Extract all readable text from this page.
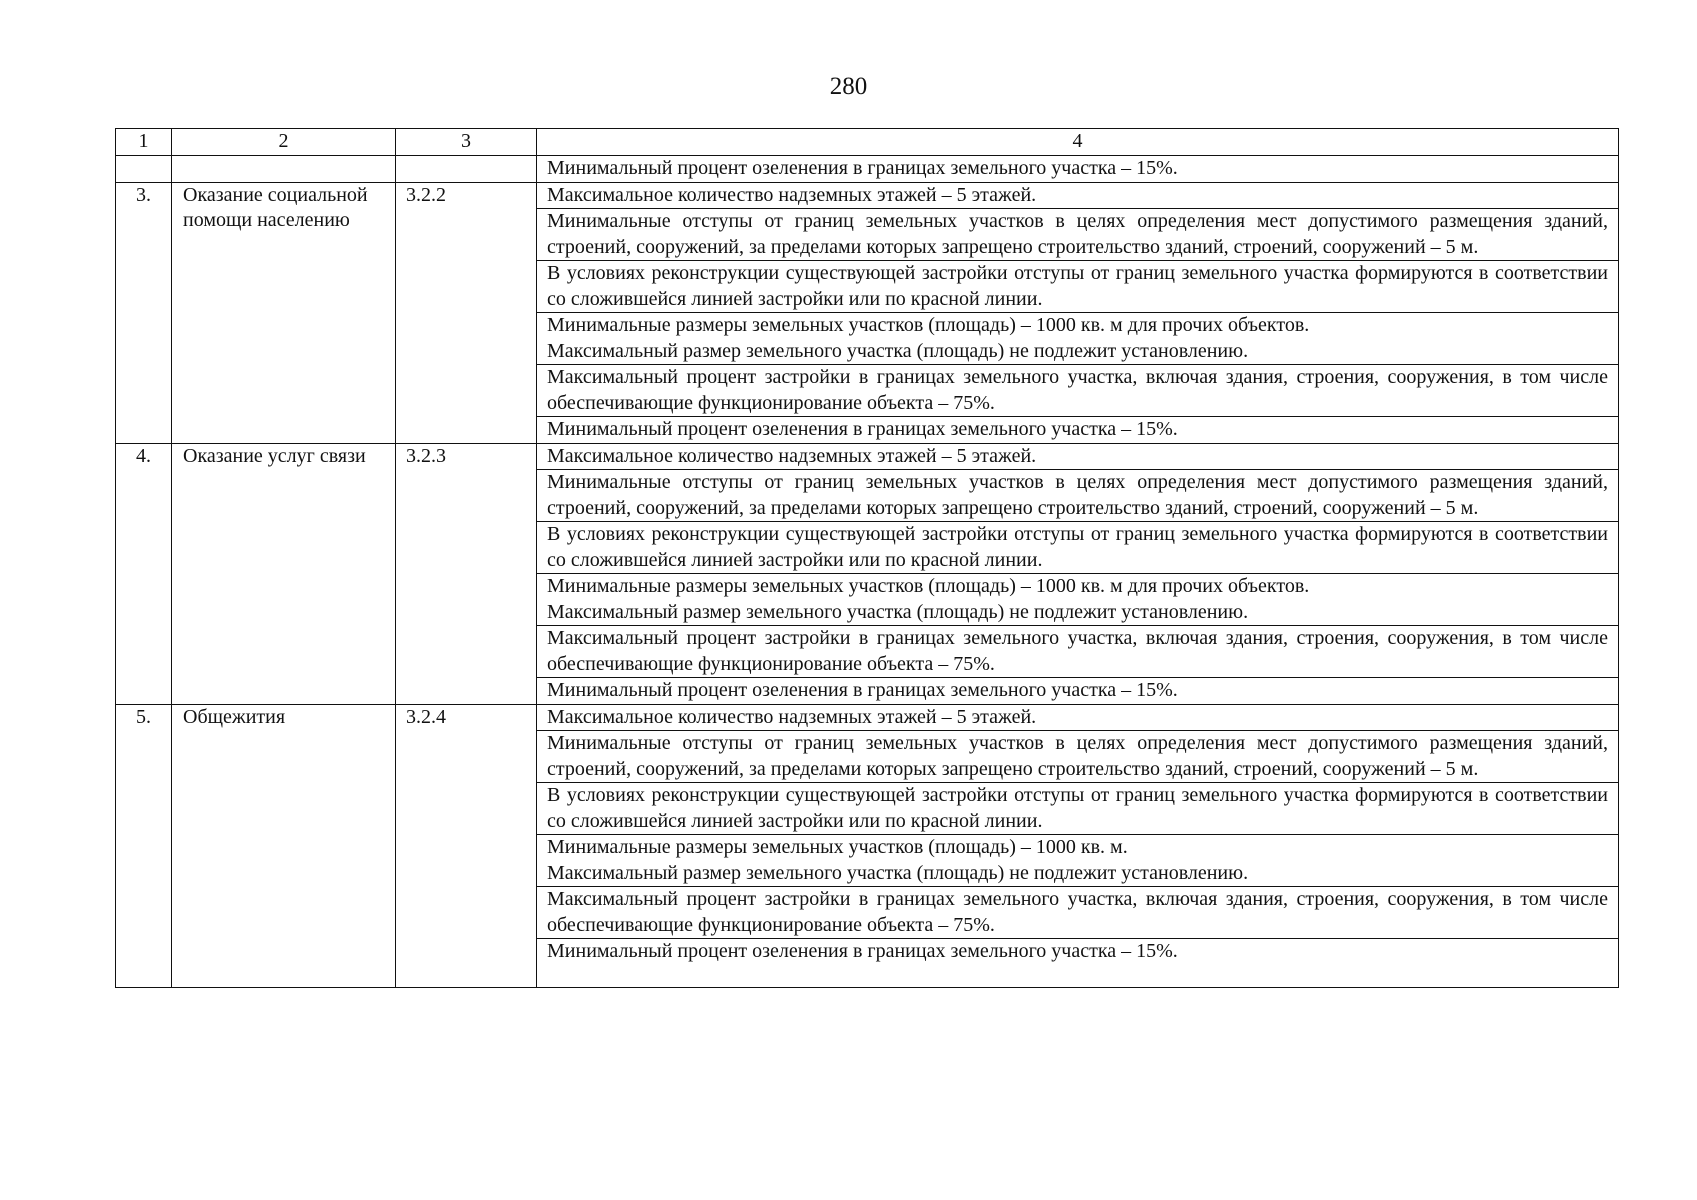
280
1	2	3	4
			Минимальный процент озеленения в границах земельного участка – 15%.
3.	Оказание социальной помощи населению	3.2.2	Максимальное количество надземных этажей – 5 этажей.
			Минимальные отступы от границ земельных участков в целях определения мест допустимого размещения зданий, строений, сооружений, за пределами которых запрещено строительство зданий, строений, сооружений – 5 м.
			В условиях реконструкции существующей застройки отступы от границ земельного участка формируются в соответствии со сложившейся линией застройки или по красной линии.

			Минимальные размеры земельных участков (площадь) – 1000 кв. м для прочих объектов.
Максимальный размер земельного участка (площадь) не подлежит установлению.

			Максимальный процент застройки в границах земельного участка, включая здания, строения, сооружения, в том числе обеспечивающие функционирование объекта – 75%.
			Минимальный процент озеленения в границах земельного участка – 15%.
4.	Оказание услуг связи	3.2.3	Максимальное количество надземных этажей – 5 этажей.
			Минимальные отступы от границ земельных участков в целях определения мест допустимого размещения зданий, строений, сооружений, за пределами которых запрещено строительство зданий, строений, сооружений – 5 м.
			В условиях реконструкции существующей застройки отступы от границ земельного участка формируются в соответствии со сложившейся линией застройки или по красной линии.

			Минимальные размеры земельных участков (площадь) – 1000 кв. м для прочих объектов.
Максимальный размер земельного участка (площадь) не подлежит установлению.

			Максимальный процент застройки в границах земельного участка, включая здания, строения, сооружения, в том числе обеспечивающие функционирование объекта – 75%.
			Минимальный процент озеленения в границах земельного участка – 15%.
5.	Общежития	3.2.4	Максимальное количество надземных этажей – 5 этажей.
			Минимальные отступы от границ земельных участков в целях определения мест допустимого размещения зданий, строений, сооружений, за пределами которых запрещено строительство зданий, строений, сооружений – 5 м.
			В условиях реконструкции существующей застройки отступы от границ земельного участка формируются в соответствии со сложившейся линией застройки или по красной линии.

			Минимальные размеры земельных участков (площадь) – 1000 кв. м.
Максимальный размер земельного участка (площадь) не подлежит установлению.

			Максимальный процент застройки в границах земельного участка, включая здания, строения, сооружения, в том числе обеспечивающие функционирование объекта – 75%.
			Минимальный процент озеленения в границах земельного участка – 15%.
